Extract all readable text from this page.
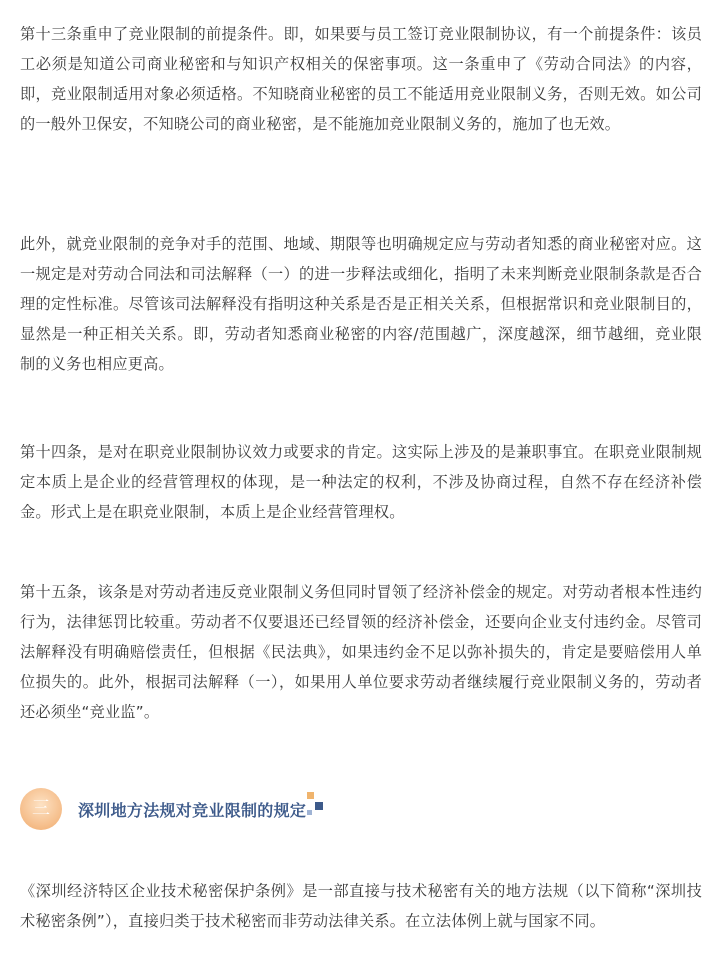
第十三条重申了竞业限制的前提条件。即，如果要与员工签订竞业限制协议，有一个前提条件：该员工必须是知道公司商业秘密和与知识产权相关的保密事项。这一条重申了《劳动合同法》的内容，即，竞业限制适用对象必须适格。不知晓商业秘密的员工不能适用竞业限制义务，否则无效。如公司的一般外卫保安，不知晓公司的商业秘密，是不能施加竞业限制义务的，施加了也无效。

此外，就竞业限制的竞争对手的范围、地域、期限等也明确规定应与劳动者知悉的商业秘密对应。这一规定是对劳动合同法和司法解释（一）的进一步释法或细化，指明了未来判断竞业限制条款是否合理的定性标准。尽管该司法解释没有指明这种关系是否是正相关关系，但根据常识和竞业限制目的，显然是一种正相关关系。即，劳动者知悉商业秘密的内容/范围越广，深度越深，细节越细，竞业限制的义务也相应更高。

第十四条，是对在职竞业限制协议效力或要求的肯定。这实际上涉及的是兼职事宜。在职竞业限制规定本质上是企业的经营管理权的体现，是一种法定的权利，不涉及协商过程，自然不存在经济补偿金。形式上是在职竞业限制，本质上是企业经营管理权。

第十五条，该条是对劳动者违反竞业限制义务但同时冒领了经济补偿金的规定。对劳动者根本性违约行为，法律惩罚比较重。劳动者不仅要退还已经冒领的经济补偿金，还要向企业支付违约金。尽管司法解释没有明确赔偿责任，但根据《民法典》，如果违约金不足以弥补损失的，肯定是要赔偿用人单位损失的。此外，根据司法解释（一），如果用人单位要求劳动者继续履行竞业限制义务的，劳动者还必须坐“竞业监”。

三	深圳地方法规对竞业限制的规定

《深圳经济特区企业技术秘密保护条例》是一部直接与技术秘密有关的地方法规（以下简称“深圳技术秘密条例”），直接归类于技术秘密而非劳动法律关系。在立法体例上就与国家不同。
